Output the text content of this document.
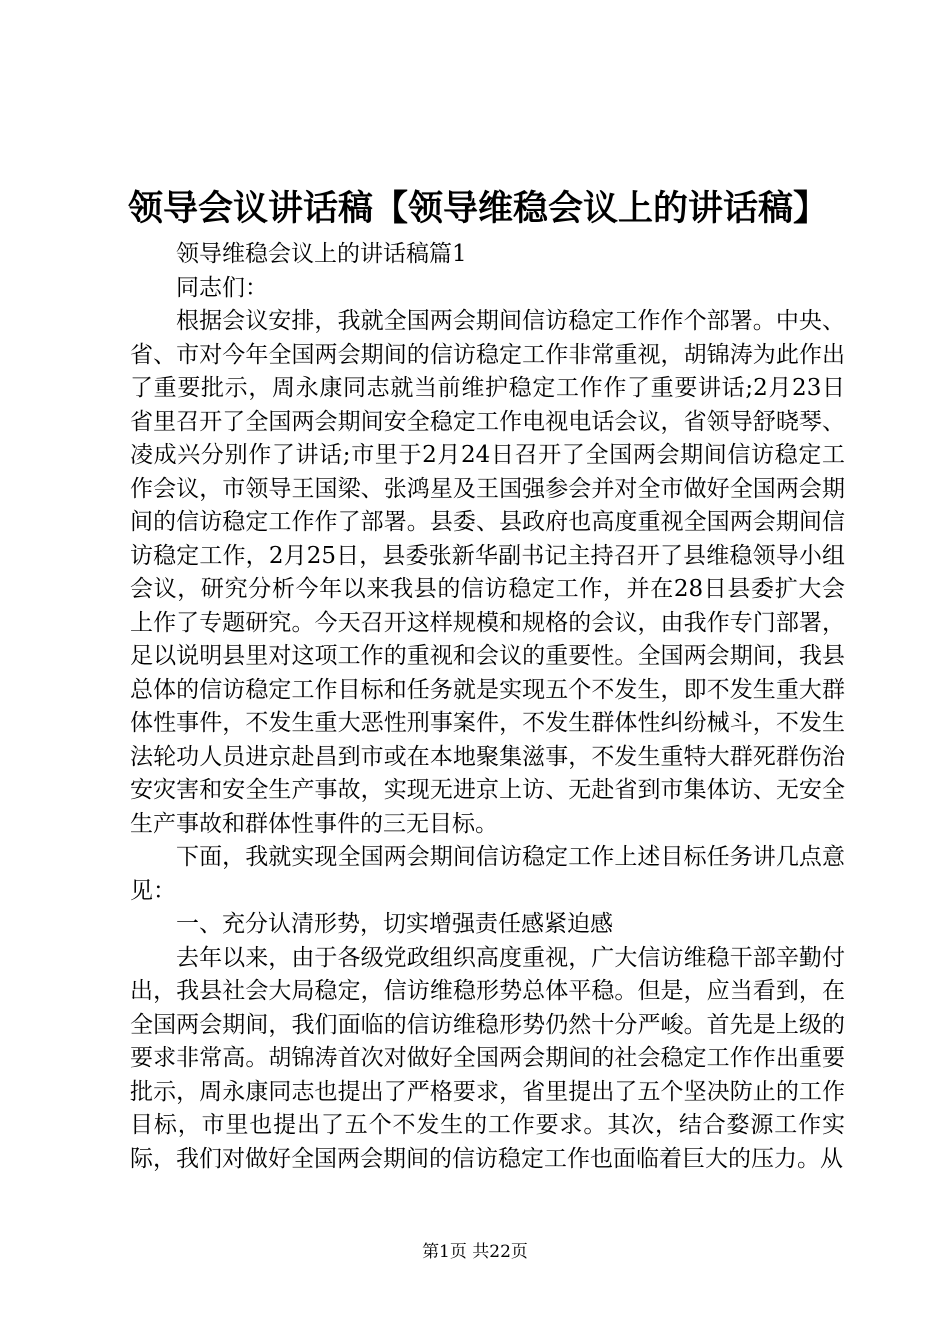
领导会议讲话稿【领导维稳会议上的讲话稿】

领导维稳会议上的讲话稿篇1

同志们：

根据会议安排，我就全国两会期间信访稳定工作作个部署。中央、省、市对今年全国两会期间的信访稳定工作非常重视，胡锦涛为此作出了重要批示，周永康同志就当前维护稳定工作作了重要讲话;2月23日省里召开了全国两会期间安全稳定工作电视电话会议，省领导舒晓琴、凌成兴分别作了讲话;市里于2月24日召开了全国两会期间信访稳定工作会议，市领导王国梁、张鸿星及王国强参会并对全市做好全国两会期间的信访稳定工作作了部署。县委、县政府也高度重视全国两会期间信访稳定工作，2月25日，县委张新华副书记主持召开了县维稳领导小组会议，研究分析今年以来我县的信访稳定工作，并在28日县委扩大会上作了专题研究。今天召开这样规模和规格的会议，由我作专门部署，足以说明县里对这项工作的重视和会议的重要性。全国两会期间，我县总体的信访稳定工作目标和任务就是实现五个不发生，即不发生重大群体性事件，不发生重大恶性刑事案件，不发生群体性纠纷械斗，不发生法轮功人员进京赴昌到市或在本地聚集滋事，不发生重特大群死群伤治安灾害和安全生产事故，实现无进京上访、无赴省到市集体访、无安全生产事故和群体性事件的三无目标。

下面，我就实现全国两会期间信访稳定工作上述目标任务讲几点意见：

一、充分认清形势，切实增强责任感紧迫感

去年以来，由于各级党政组织高度重视，广大信访维稳干部辛勤付出，我县社会大局稳定，信访维稳形势总体平稳。但是，应当看到，在全国两会期间，我们面临的信访维稳形势仍然十分严峻。首先是上级的要求非常高。胡锦涛首次对做好全国两会期间的社会稳定工作作出重要批示，周永康同志也提出了严格要求，省里提出了五个坚决防止的工作目标，市里也提出了五个不发生的工作要求。其次，结合婺源工作实际，我们对做好全国两会期间的信访稳定工作也面临着巨大的压力。从

第1页 共22页
